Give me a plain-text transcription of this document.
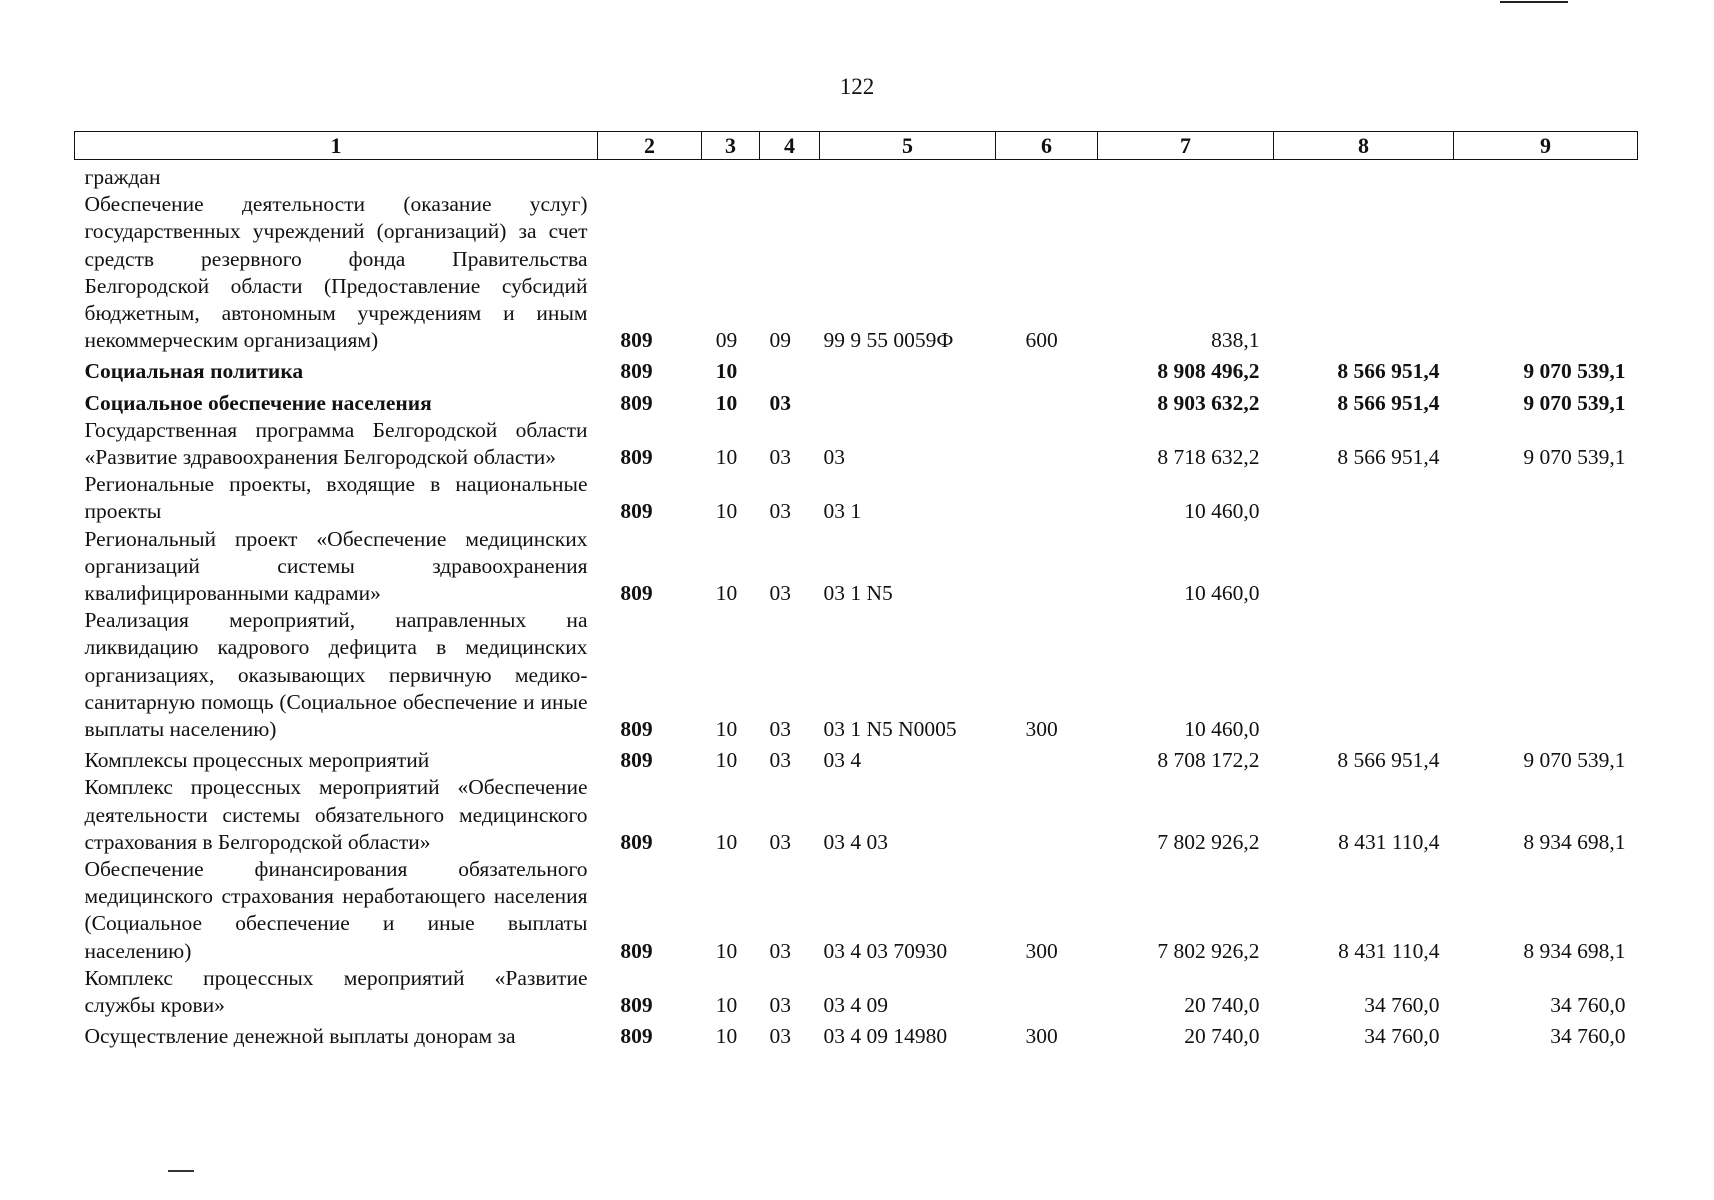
122
1	2	3	4	5	6	7	8	9
граждан								
Обеспечение деятельности (оказание услуг) государственных учреждений (организаций) за счет средств резервного фонда Правительства Белгородской области (Предоставление субсидий бюджетным, автономным учреждениям и иным некоммерческим организациям)	809	09	09	99 9 55 0059Ф	600	838,1		
Социальная политика	809	10				8 908 496,2	8 566 951,4	9 070 539,1
Социальное обеспечение населения	809	10	03			8 903 632,2	8 566 951,4	9 070 539,1
Государственная программа Белгородской области «Развитие здравоохранения Белгородской области»	809	10	03	03		8 718 632,2	8 566 951,4	9 070 539,1
Региональные проекты, входящие в национальные проекты	809	10	03	03 1		10 460,0		
Региональный проект «Обеспечение медицинских организаций системы здравоохранения квалифицированными кадрами»	809	10	03	03 1 N5		10 460,0		
Реализация мероприятий, направленных на ликвидацию кадрового дефицита в медицинских организациях, оказывающих первичную медико-санитарную помощь (Социальное обеспечение и иные выплаты населению)	809	10	03	03 1 N5 N0005	300	10 460,0		
Комплексы процессных мероприятий	809	10	03	03 4		8 708 172,2	8 566 951,4	9 070 539,1
Комплекс процессных мероприятий «Обеспечение деятельности системы обязательного медицинского страхования в Белгородской области»	809	10	03	03 4 03		7 802 926,2	8 431 110,4	8 934 698,1
Обеспечение финансирования обязательного медицинского страхования неработающего населения (Социальное обеспечение и иные выплаты населению)	809	10	03	03 4 03 70930	300	7 802 926,2	8 431 110,4	8 934 698,1
Комплекс процессных мероприятий «Развитие службы крови»	809	10	03	03 4 09		20 740,0	34 760,0	34 760,0
Осуществление денежной выплаты донорам за	809	10	03	03 4 09 14980	300	20 740,0	34 760,0	34 760,0
